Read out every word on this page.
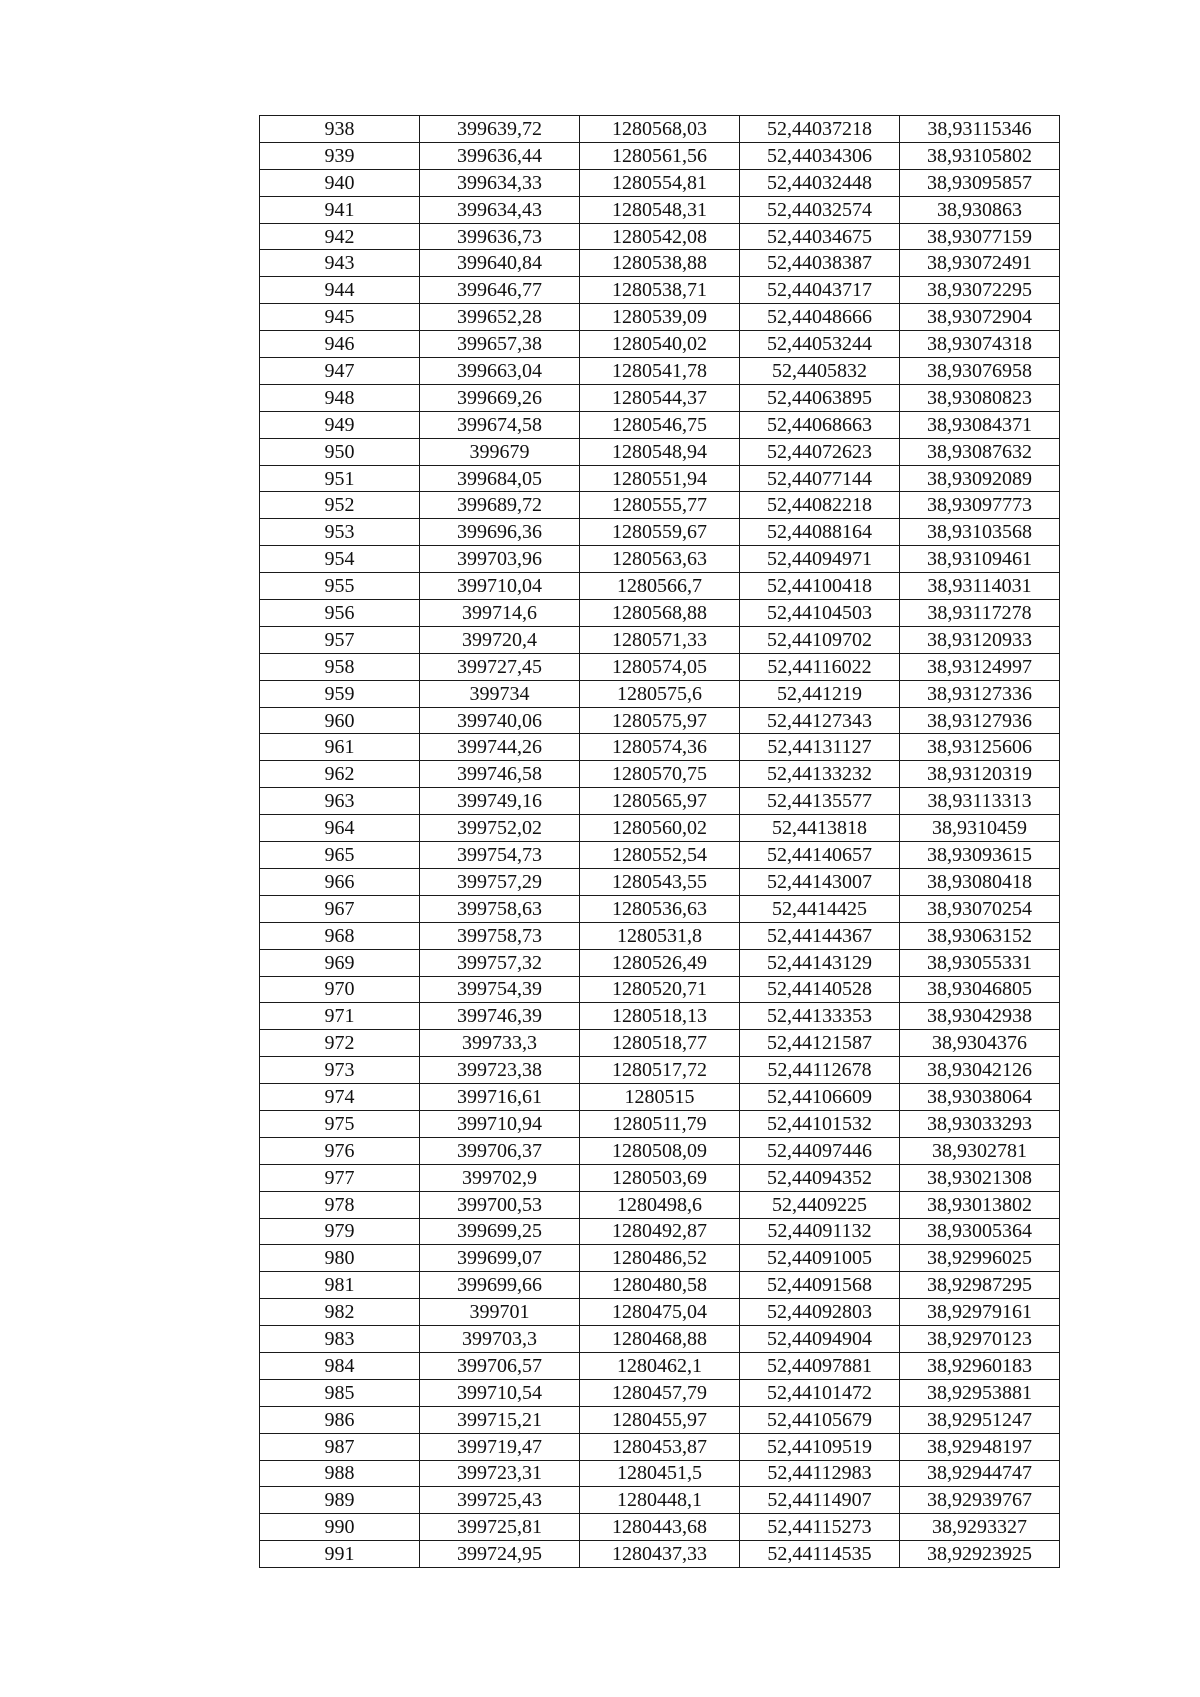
938	399639,72	1280568,03	52,44037218	38,93115346
939	399636,44	1280561,56	52,44034306	38,93105802
940	399634,33	1280554,81	52,44032448	38,93095857
941	399634,43	1280548,31	52,44032574	38,930863
942	399636,73	1280542,08	52,44034675	38,93077159
943	399640,84	1280538,88	52,44038387	38,93072491
944	399646,77	1280538,71	52,44043717	38,93072295
945	399652,28	1280539,09	52,44048666	38,93072904
946	399657,38	1280540,02	52,44053244	38,93074318
947	399663,04	1280541,78	52,4405832	38,93076958
948	399669,26	1280544,37	52,44063895	38,93080823
949	399674,58	1280546,75	52,44068663	38,93084371
950	399679	1280548,94	52,44072623	38,93087632
951	399684,05	1280551,94	52,44077144	38,93092089
952	399689,72	1280555,77	52,44082218	38,93097773
953	399696,36	1280559,67	52,44088164	38,93103568
954	399703,96	1280563,63	52,44094971	38,93109461
955	399710,04	1280566,7	52,44100418	38,93114031
956	399714,6	1280568,88	52,44104503	38,93117278
957	399720,4	1280571,33	52,44109702	38,93120933
958	399727,45	1280574,05	52,44116022	38,93124997
959	399734	1280575,6	52,441219	38,93127336
960	399740,06	1280575,97	52,44127343	38,93127936
961	399744,26	1280574,36	52,44131127	38,93125606
962	399746,58	1280570,75	52,44133232	38,93120319
963	399749,16	1280565,97	52,44135577	38,93113313
964	399752,02	1280560,02	52,4413818	38,9310459
965	399754,73	1280552,54	52,44140657	38,93093615
966	399757,29	1280543,55	52,44143007	38,93080418
967	399758,63	1280536,63	52,4414425	38,93070254
968	399758,73	1280531,8	52,44144367	38,93063152
969	399757,32	1280526,49	52,44143129	38,93055331
970	399754,39	1280520,71	52,44140528	38,93046805
971	399746,39	1280518,13	52,44133353	38,93042938
972	399733,3	1280518,77	52,44121587	38,9304376
973	399723,38	1280517,72	52,44112678	38,93042126
974	399716,61	1280515	52,44106609	38,93038064
975	399710,94	1280511,79	52,44101532	38,93033293
976	399706,37	1280508,09	52,44097446	38,9302781
977	399702,9	1280503,69	52,44094352	38,93021308
978	399700,53	1280498,6	52,4409225	38,93013802
979	399699,25	1280492,87	52,44091132	38,93005364
980	399699,07	1280486,52	52,44091005	38,92996025
981	399699,66	1280480,58	52,44091568	38,92987295
982	399701	1280475,04	52,44092803	38,92979161
983	399703,3	1280468,88	52,44094904	38,92970123
984	399706,57	1280462,1	52,44097881	38,92960183
985	399710,54	1280457,79	52,44101472	38,92953881
986	399715,21	1280455,97	52,44105679	38,92951247
987	399719,47	1280453,87	52,44109519	38,92948197
988	399723,31	1280451,5	52,44112983	38,92944747
989	399725,43	1280448,1	52,44114907	38,92939767
990	399725,81	1280443,68	52,44115273	38,9293327
991	399724,95	1280437,33	52,44114535	38,92923925
